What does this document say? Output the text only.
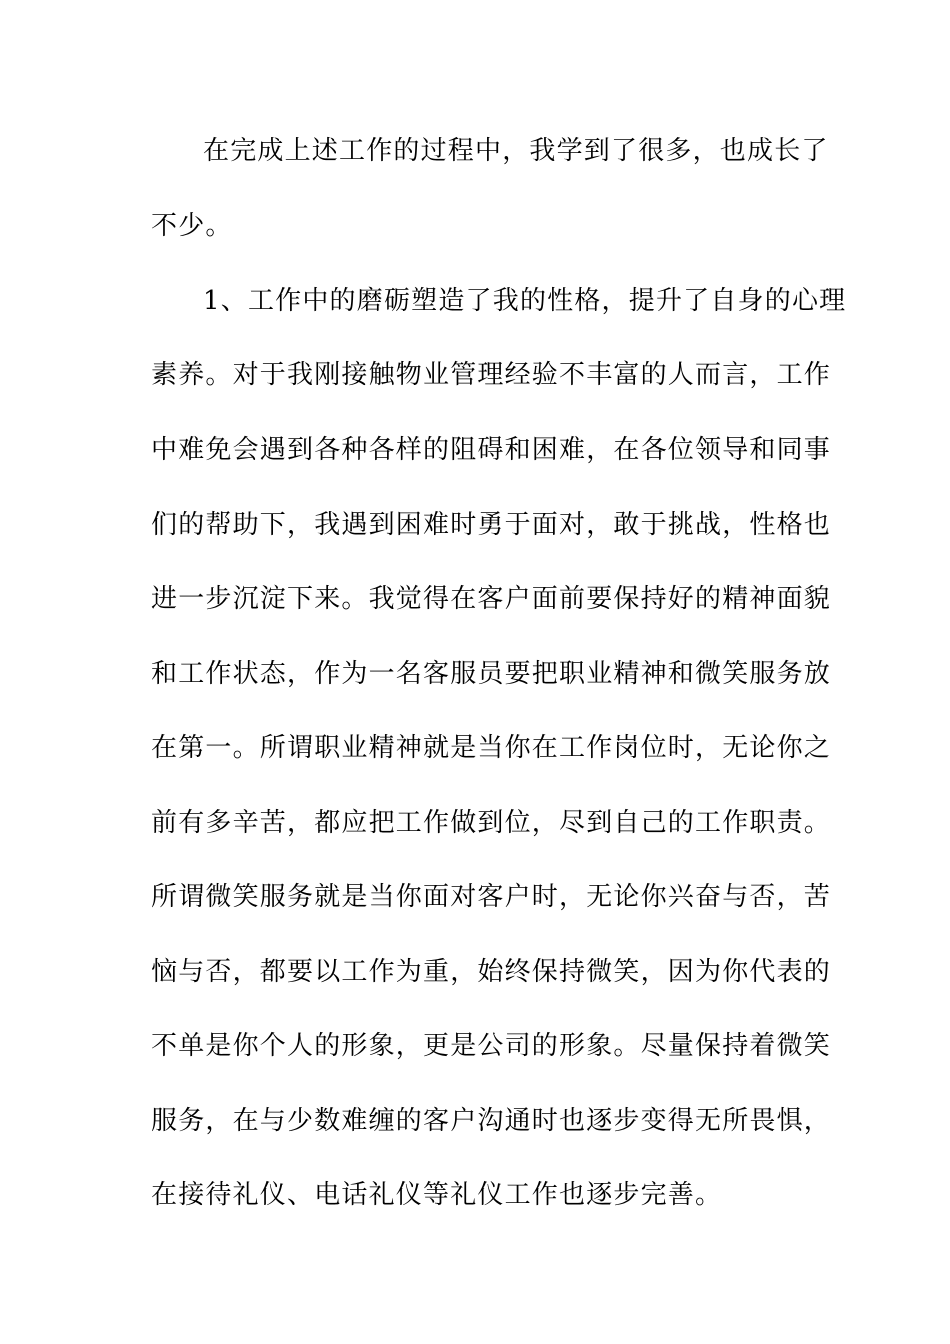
在完成上述工作的过程中，我学到了很多，也成长了
不少。
1、工作中的磨砺塑造了我的性格，提升了自身的心理
素养。对于我刚接触物业管理经验不丰富的人而言，工作
中难免会遇到各种各样的阻碍和困难，在各位领导和同事
们的帮助下，我遇到困难时勇于面对，敢于挑战，性格也
进一步沉淀下来。我觉得在客户面前要保持好的精神面貌
和工作状态，作为一名客服员要把职业精神和微笑服务放
在第一。所谓职业精神就是当你在工作岗位时，无论你之
前有多辛苦，都应把工作做到位，尽到自己的工作职责。
所谓微笑服务就是当你面对客户时，无论你兴奋与否，苦
恼与否，都要以工作为重，始终保持微笑，因为你代表的
不单是你个人的形象，更是公司的形象。尽量保持着微笑
服务，在与少数难缠的客户沟通时也逐步变得无所畏惧，
在接待礼仪、电话礼仪等礼仪工作也逐步完善。
